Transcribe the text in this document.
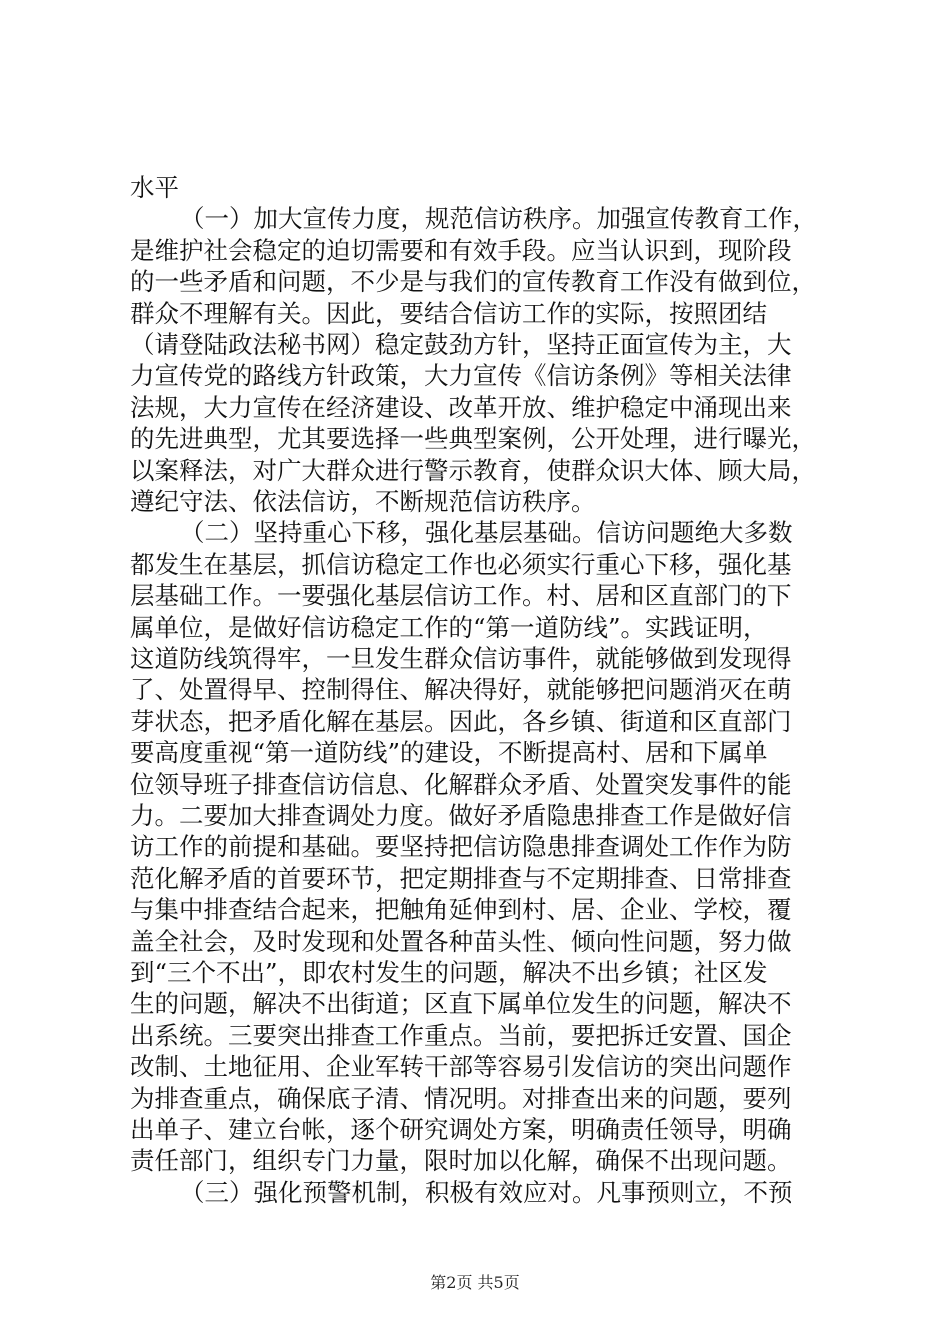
水平
（一）加大宣传力度，规范信访秩序。加强宣传教育工作，
是维护社会稳定的迫切需要和有效手段。应当认识到，现阶段
的一些矛盾和问题，不少是与我们的宣传教育工作没有做到位，
群众不理解有关。因此，要结合信访工作的实际，按照团结
（请登陆政法秘书网）稳定鼓劲方针，坚持正面宣传为主，大
力宣传党的路线方针政策，大力宣传《信访条例》等相关法律
法规，大力宣传在经济建设、改革开放、维护稳定中涌现出来
的先进典型，尤其要选择一些典型案例，公开处理，进行曝光，
以案释法，对广大群众进行警示教育，使群众识大体、顾大局，
遵纪守法、依法信访，不断规范信访秩序。
（二）坚持重心下移，强化基层基础。信访问题绝大多数
都发生在基层，抓信访稳定工作也必须实行重心下移，强化基
层基础工作。一要强化基层信访工作。村、居和区直部门的下
属单位，是做好信访稳定工作的“第一道防线”。实践证明，
这道防线筑得牢，一旦发生群众信访事件，就能够做到发现得
了、处置得早、控制得住、解决得好，就能够把问题消灭在萌
芽状态，把矛盾化解在基层。因此，各乡镇、街道和区直部门
要高度重视“第一道防线”的建设，不断提高村、居和下属单
位领导班子排查信访信息、化解群众矛盾、处置突发事件的能
力。二要加大排查调处力度。做好矛盾隐患排查工作是做好信
访工作的前提和基础。要坚持把信访隐患排查调处工作作为防
范化解矛盾的首要环节，把定期排查与不定期排查、日常排查
与集中排查结合起来，把触角延伸到村、居、企业、学校，覆
盖全社会，及时发现和处置各种苗头性、倾向性问题，努力做
到“三个不出”，即农村发生的问题，解决不出乡镇；社区发
生的问题，解决不出街道；区直下属单位发生的问题，解决不
出系统。三要突出排查工作重点。当前，要把拆迁安置、国企
改制、土地征用、企业军转干部等容易引发信访的突出问题作
为排查重点，确保底子清、情况明。对排查出来的问题，要列
出单子、建立台帐，逐个研究调处方案，明确责任领导，明确
责任部门，组织专门力量，限时加以化解，确保不出现问题。
（三）强化预警机制，积极有效应对。凡事预则立，不预
第2页 共5页
